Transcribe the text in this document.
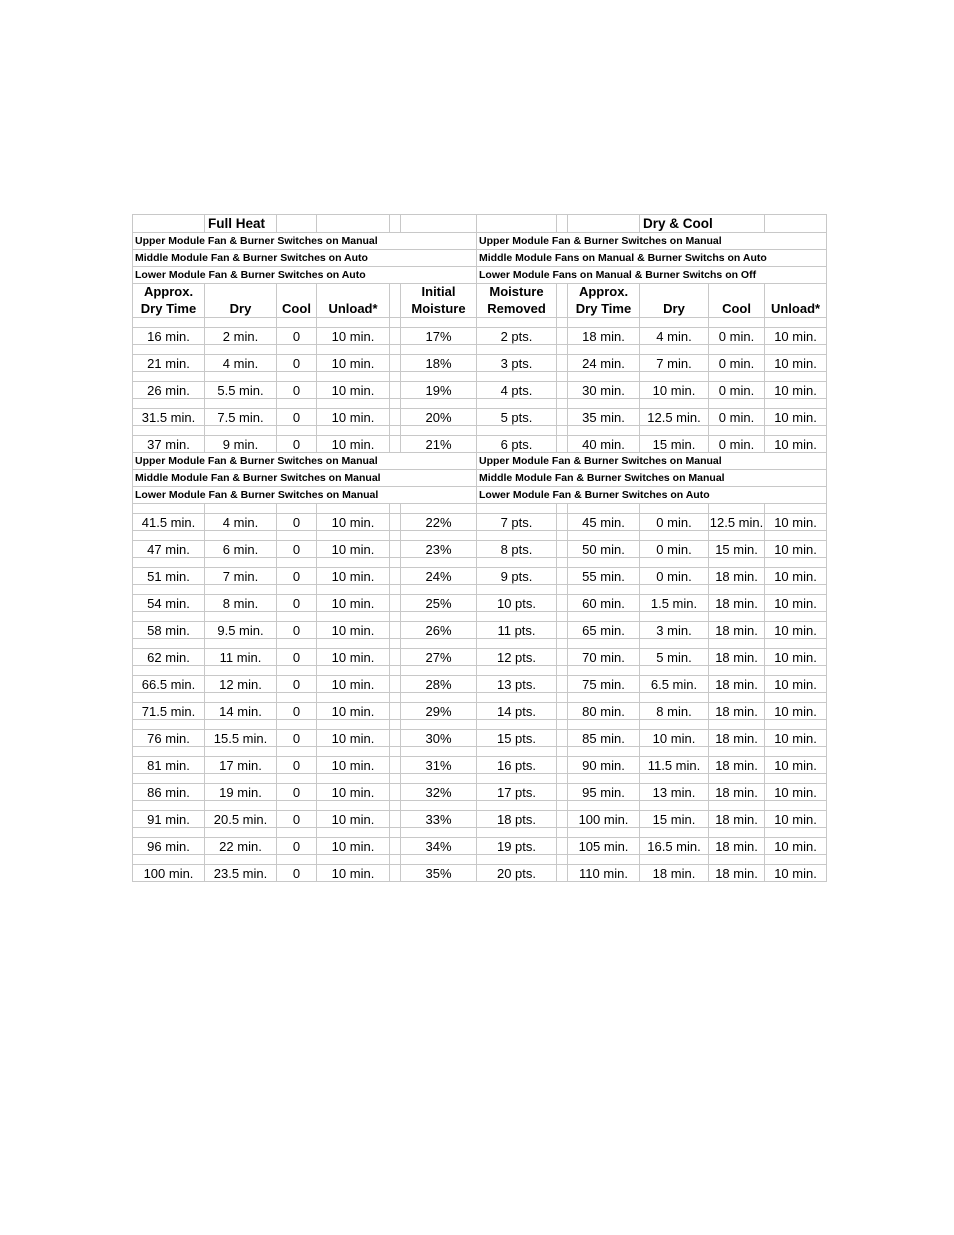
	Full Heat								Dry & Cool		
Upper Module Fan & Burner Switches on Manual						Upper Module Fan & Burner Switches on Manual					
Middle Module Fan & Burner Switches on Auto						Middle Module Fans on Manual & Burner Switchs on Auto					
Lower Module Fan & Burner Switches on Auto						Lower Module Fans on Manual & Burner Switchs on Off					
Approx.					Initial	Moisture		Approx.			
Dry Time	Dry	Cool	Unload*		Moisture	Removed		Dry Time	Dry	Cool	Unload*

16 min.	2 min.	0	10 min.		17%	2 pts.		18 min.	4 min.	0 min.	10 min.

21 min.	4 min.	0	10 min.		18%	3 pts.		24 min.	7 min.	0 min.	10 min.

26 min.	5.5 min.	0	10 min.		19%	4 pts.		30 min.	10 min.	0 min.	10 min.

31.5 min.	7.5 min.	0	10 min.		20%	5 pts.		35 min.	12.5 min.	0 min.	10 min.

37 min.	9 min.	0	10 min.		21%	6 pts.		40 min.	15 min.	0 min.	10 min.
Upper Module Fan & Burner Switches on Manual						Upper Module Fan & Burner Switches on Manual					
Middle Module Fan & Burner Switches on Manual						Middle Module Fan & Burner Switches on Manual					
Lower Module Fan & Burner Switches on Manual						Lower Module Fan & Burner Switches on Auto					

41.5 min.	4 min.	0	10 min.		22%	7 pts.		45 min.	0 min.	12.5 min.	10 min.

47 min.	6 min.	0	10 min.		23%	8 pts.		50 min.	0 min.	15 min.	10 min.

51 min.	7 min.	0	10 min.		24%	9 pts.		55 min.	0 min.	18 min.	10 min.

54 min.	8 min.	0	10 min.		25%	10 pts.		60 min.	1.5 min.	18 min.	10 min.

58 min.	9.5 min.	0	10 min.		26%	11 pts.		65 min.	3 min.	18 min.	10 min.

62 min.	11 min.	0	10 min.		27%	12 pts.		70 min.	5 min.	18 min.	10 min.

66.5 min.	12 min.	0	10 min.		28%	13 pts.		75 min.	6.5 min.	18 min.	10 min.

71.5 min.	14 min.	0	10 min.		29%	14 pts.		80 min.	8 min.	18 min.	10 min.

76 min.	15.5 min.	0	10 min.		30%	15 pts.		85 min.	10 min.	18 min.	10 min.

81 min.	17 min.	0	10 min.		31%	16 pts.		90 min.	11.5 min.	18 min.	10 min.

86 min.	19 min.	0	10 min.		32%	17 pts.		95 min.	13 min.	18 min.	10 min.

91 min.	20.5 min.	0	10 min.		33%	18 pts.		100 min.	15 min.	18 min.	10 min.

96 min.	22 min.	0	10 min.		34%	19 pts.		105 min.	16.5 min.	18 min.	10 min.

100 min.	23.5 min.	0	10 min.		35%	20 pts.		110 min.	18 min.	18 min.	10 min.
